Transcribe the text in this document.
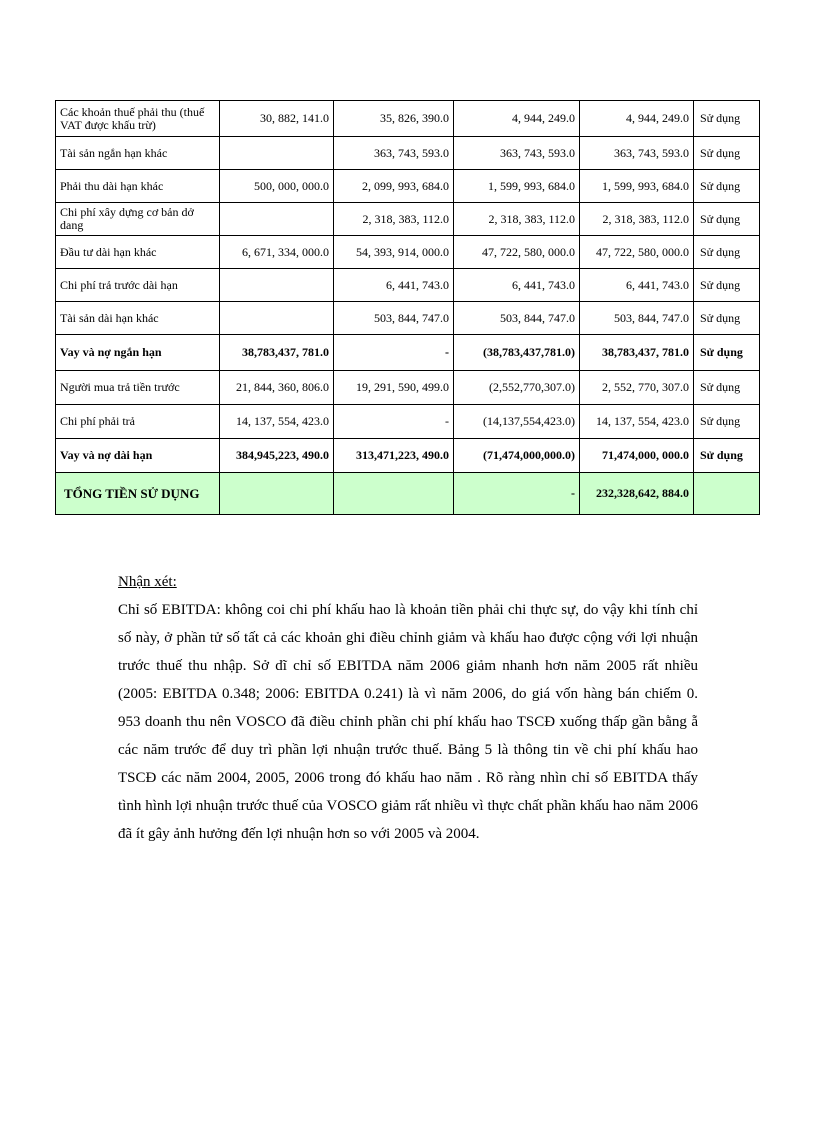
Các khoản thuế phải thu (thuế VAT được khấu trừ)	30, 882, 141.0	35, 826, 390.0	4, 944, 249.0	4, 944, 249.0	Sử dụng
Tài sản ngắn hạn khác		363, 743, 593.0	363, 743, 593.0	363, 743, 593.0	Sử dụng
Phải thu dài hạn khác	500, 000, 000.0	2, 099, 993, 684.0	1, 599, 993, 684.0	1, 599, 993, 684.0	Sử dụng
Chi phí xây dựng cơ bản dở dang		2, 318, 383, 112.0	2, 318, 383, 112.0	2, 318, 383, 112.0	Sử dụng
Đầu tư dài hạn khác	6, 671, 334, 000.0	54, 393, 914, 000.0	47, 722, 580, 000.0	47, 722, 580, 000.0	Sử dụng
Chi phí trả trước dài hạn		6, 441, 743.0	6, 441, 743.0	6, 441, 743.0	Sử dụng
Tài sản dài hạn khác		503, 844, 747.0	503, 844, 747.0	503, 844, 747.0	Sử dụng
Vay và nợ ngắn hạn	38,783,437, 781.0	-	(38,783,437,781.0)	38,783,437, 781.0	Sử dụng
Người mua trả tiền trước	21, 844, 360, 806.0	19, 291, 590, 499.0	(2,552,770,307.0)	2, 552, 770, 307.0	Sử dụng
Chi phí phải trả	14, 137, 554, 423.0	-	(14,137,554,423.0)	14, 137, 554, 423.0	Sử dụng
Vay và nợ dài hạn	384,945,223, 490.0	313,471,223, 490.0	(71,474,000,000.0)	71,474,000, 000.0	Sử dụng
TỔNG TIỀN SỬ DỤNG			-	232,328,642, 884.0	

Nhận xét:

Chỉ số EBITDA: không coi chi phí khấu hao là khoản tiền phải chi thực sự, do vậy khi tính chỉ số này, ở phần tử số tất cả các khoản ghi điều chỉnh giảm và khấu hao được cộng với lợi nhuận trước thuế thu nhập. Sở dĩ chỉ số EBITDA năm 2006 giảm nhanh hơn năm 2005 rất nhiều (2005: EBITDA 0.348; 2006: EBITDA 0.241) là vì năm 2006, do giá vốn hàng bán chiếm 0. 953 doanh thu nên VOSCO đã điều chỉnh phần chi phí khấu hao TSCĐ xuống thấp gần bằng ẵ các năm trước để duy trì phần lợi nhuận trước thuế. Bảng 5 là thông tin về chi phí khấu hao TSCĐ các năm 2004, 2005, 2006 trong đó khấu hao năm . Rõ ràng nhìn chỉ số EBITDA thấy tình hình lợi nhuận trước thuế của VOSCO giảm rất nhiều vì thực chất phần khấu hao năm 2006 đã ít gây ảnh hưởng đến lợi nhuận hơn so với 2005 và 2004.
